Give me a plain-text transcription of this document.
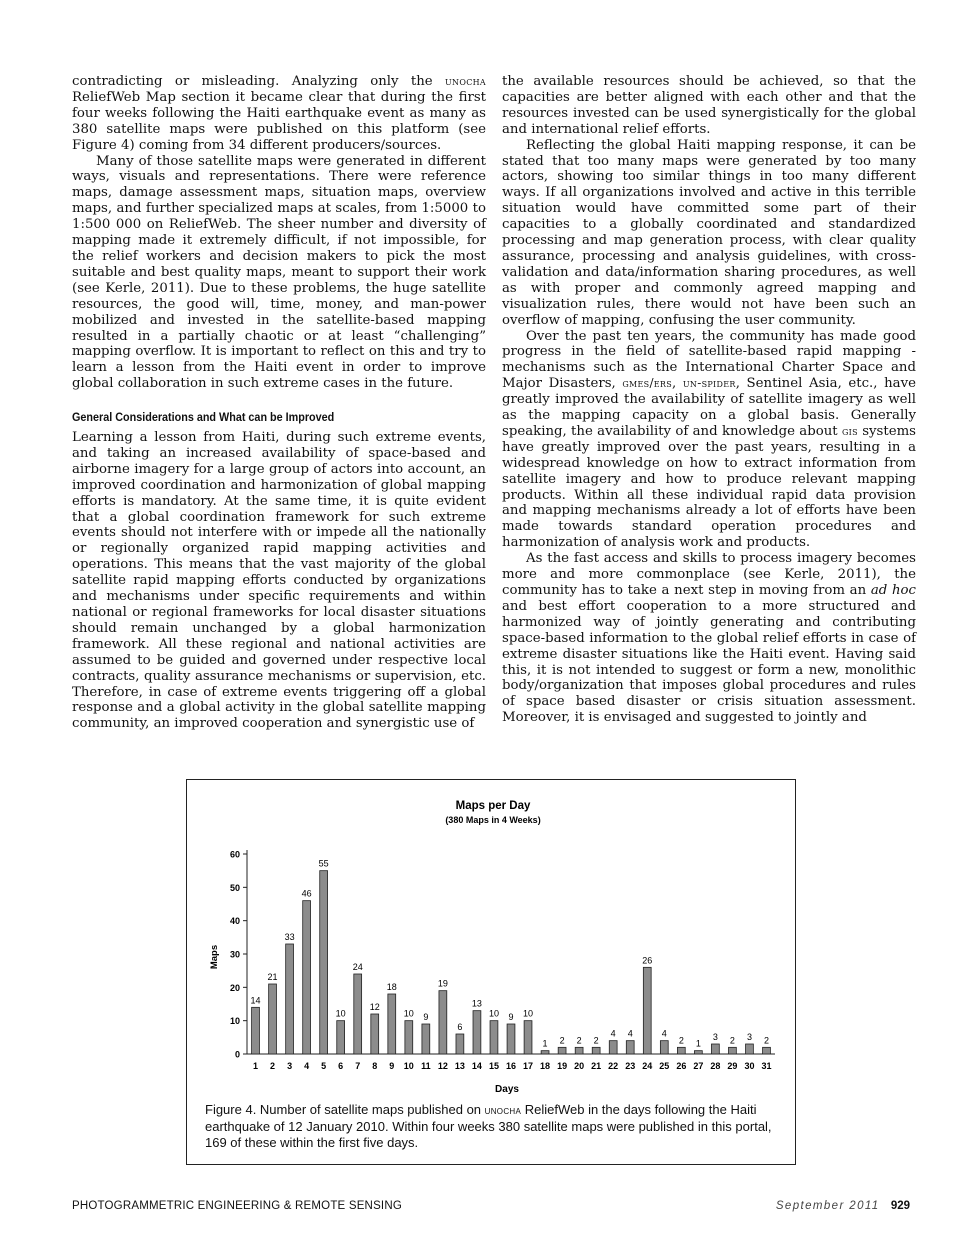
contradicting or misleading. Analyzing only the unocha ReliefWeb Map section it became clear that during the first four weeks following the Haiti earthquake event as many as 380 satellite maps were published on this platform (see Figure 4) coming from 34 different producers/sources.

Many of those satellite maps were generated in different ways, visuals and representations. There were reference maps, damage assessment maps, situation maps, overview maps, and further specialized maps at scales, from 1:5000 to 1:500 000 on ReliefWeb. The sheer number and diversity of mapping made it extremely difficult, if not impossible, for the relief workers and decision makers to pick the most suitable and best quality maps, meant to support their work (see Kerle, 2011). Due to these problems, the huge satellite resources, the good will, time, money, and man-power mobilized and invested in the satellite-based mapping resulted in a partially chaotic or at least “challenging” mapping overflow. It is important to reflect on this and try to learn a lesson from the Haiti event in order to improve global collaboration in such extreme cases in the future.

General Considerations and What can be Improved

Learning a lesson from Haiti, during such extreme events, and taking an increased availability of space-based and airborne imagery for a large group of actors into account, an improved coordination and harmonization of global mapping efforts is mandatory. At the same time, it is quite evident that a global coordination framework for such extreme events should not interfere with or impede all the nationally or regionally organized rapid mapping activities and operations. This means that the vast majority of the global satellite rapid mapping efforts conducted by organizations and mechanisms under specific requirements and within national or regional frameworks for local disaster situations should remain unchanged by a global harmonization framework. All these regional and national activities are assumed to be guided and governed under respective local contracts, quality assurance mechanisms or supervision, etc. Therefore, in case of extreme events triggering off a global response and a global activity in the global satellite mapping community, an improved cooperation and synergistic use of

the available resources should be achieved, so that the capacities are better aligned with each other and that the resources invested can be used synergistically for the global and international relief efforts.

Reflecting the global Haiti mapping response, it can be stated that too many maps were generated by too many actors, showing too similar things in too many different ways. If all organizations involved and active in this terrible situation would have committed some part of their capacities to a globally coordinated and standardized processing and map generation process, with clear quality assurance, processing and analysis guidelines, with cross-validation and data/information sharing procedures, as well as with proper and commonly agreed mapping and visualization rules, there would not have been such an overflow of mapping, confusing the user community.

Over the past ten years, the community has made good progress in the field of satellite-based rapid mapping - mechanisms such as the International Charter Space and Major Disasters, gmes/ers, un-spider, Sentinel Asia, etc., have greatly improved the availability of satellite imagery as well as the mapping capacity on a global basis. Generally speaking, the availability of and knowledge about gis systems have greatly improved over the past years, resulting in a widespread knowledge on how to extract information from satellite imagery and how to produce relevant mapping products. Within all these individual rapid data provision and mapping mechanisms already a lot of efforts have been made towards standard operation procedures and harmonization of analysis work and products.

As the fast access and skills to process imagery becomes more and more commonplace (see Kerle, 2011), the community has to take a next step in moving from an ad hoc and best effort cooperation to a more structured and harmonized way of jointly generating and contributing space-based information to the global relief efforts in case of extreme disaster situations like the Haiti event. Having said this, it is not intended to suggest or form a new, monolithic body/organization that imposes global procedures and rules of space based disaster or crisis situation assessment. Moreover, it is envisaged and suggested to jointly and

Maps per Day
(380 Maps in 4 Weeks)
Maps
Days
0
10
20
30
40
50
60
1
14
2
21
3
33
4
46
5
55
6
10
7
24
8
12
9
18
10
10
11
9
12
19
13
6
14
13
15
10
16
9
17
10
18
1
19
2
20
2
21
2
22
4
23
4
24
26
25
4
26
2
27
1
28
3
29
2
30
3
31
2
Figure 4. Number of satellite maps published on unocha ReliefWeb in the days following the Haiti earthquake of 12 January 2010. Within four weeks 380 satellite maps were published in this portal, 169 of these within the first five days.
PHOTOGRAMMETRIC ENGINEERING & REMOTE SENSING	September 2011 929
